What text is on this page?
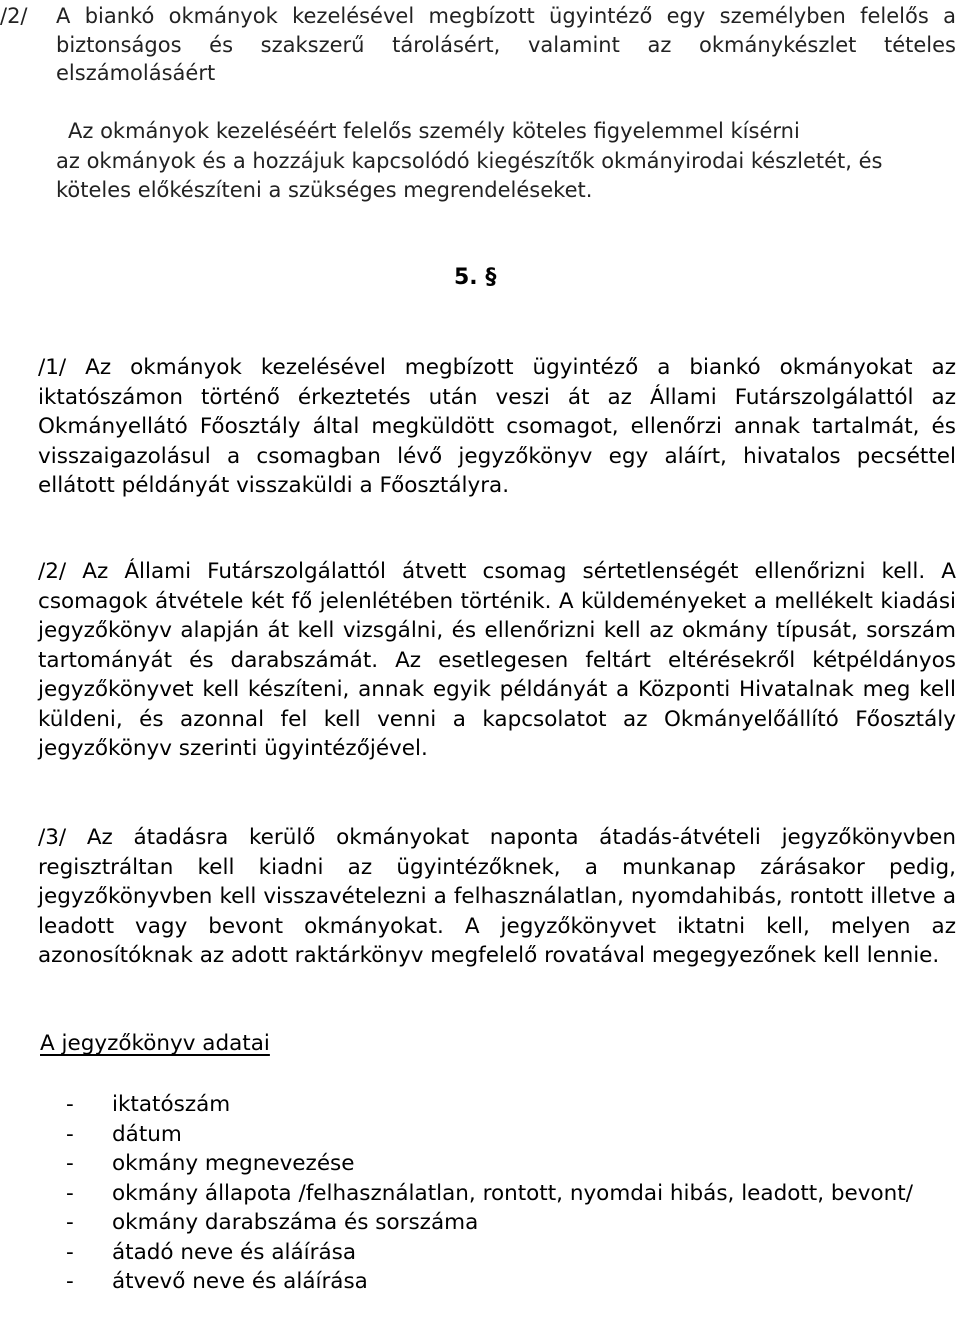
/2/ A biankó okmányok kezelésével megbízott ügyintéző egy személyben felelős a biztonságos és szakszerű tárolásért, valamint az okmánykészlet tételes elszámolásáért
Az okmányok kezeléséért felelős személy köteles figyelemmel kísérni
az okmányok és a hozzájuk kapcsolódó kiegészítők okmányirodai készletét, és köteles előkészíteni a szükséges megrendeléseket.
5. §
/1/ Az okmányok kezelésével megbízott ügyintéző a biankó okmányokat az iktatószámon történő érkeztetés után veszi át az Állami Futárszolgálattól az Okmányellátó Főosztály által megküldött csomagot, ellenőrzi annak tartalmát, és visszaigazolásul a csomagban lévő jegyzőkönyv egy aláírt, hivatalos pecséttel ellátott példányát visszaküldi a Főosztályra.
/2/ Az Állami Futárszolgálattól átvett csomag sértetlenségét ellenőrizni kell. A csomagok átvétele két fő jelenlétében történik. A küldeményeket a mellékelt kiadási jegyzőkönyv alapján át kell vizsgálni, és ellenőrizni kell az okmány típusát, sorszám tartományát és darabszámát. Az esetlegesen feltárt eltérésekről kétpéldányos jegyzőkönyvet kell készíteni, annak egyik példányát a Központi Hivatalnak meg kell küldeni, és azonnal fel kell venni a kapcsolatot az Okmányelőállító Főosztály jegyzőkönyv szerinti ügyintézőjével.
/3/ Az átadásra kerülő okmányokat naponta átadás-átvételi jegyzőkönyvben regisztráltan kell kiadni az ügyintézőknek, a munkanap zárásakor pedig, jegyzőkönyvben kell visszavételezni a felhasználatlan, nyomdahibás, rontott illetve a leadott vagy bevont okmányokat. A jegyzőkönyvet iktatni kell, melyen az azonosítóknak az adott raktárkönyv megfelelő rovatával megegyezőnek kell lennie.
A jegyzőkönyv adatai
- iktatószám
- dátum
- okmány megnevezése
- okmány állapota /felhasználatlan, rontott, nyomdai hibás, leadott, bevont/
- okmány darabszáma és sorszáma
- átadó neve és aláírása
- átvevő neve és aláírása
